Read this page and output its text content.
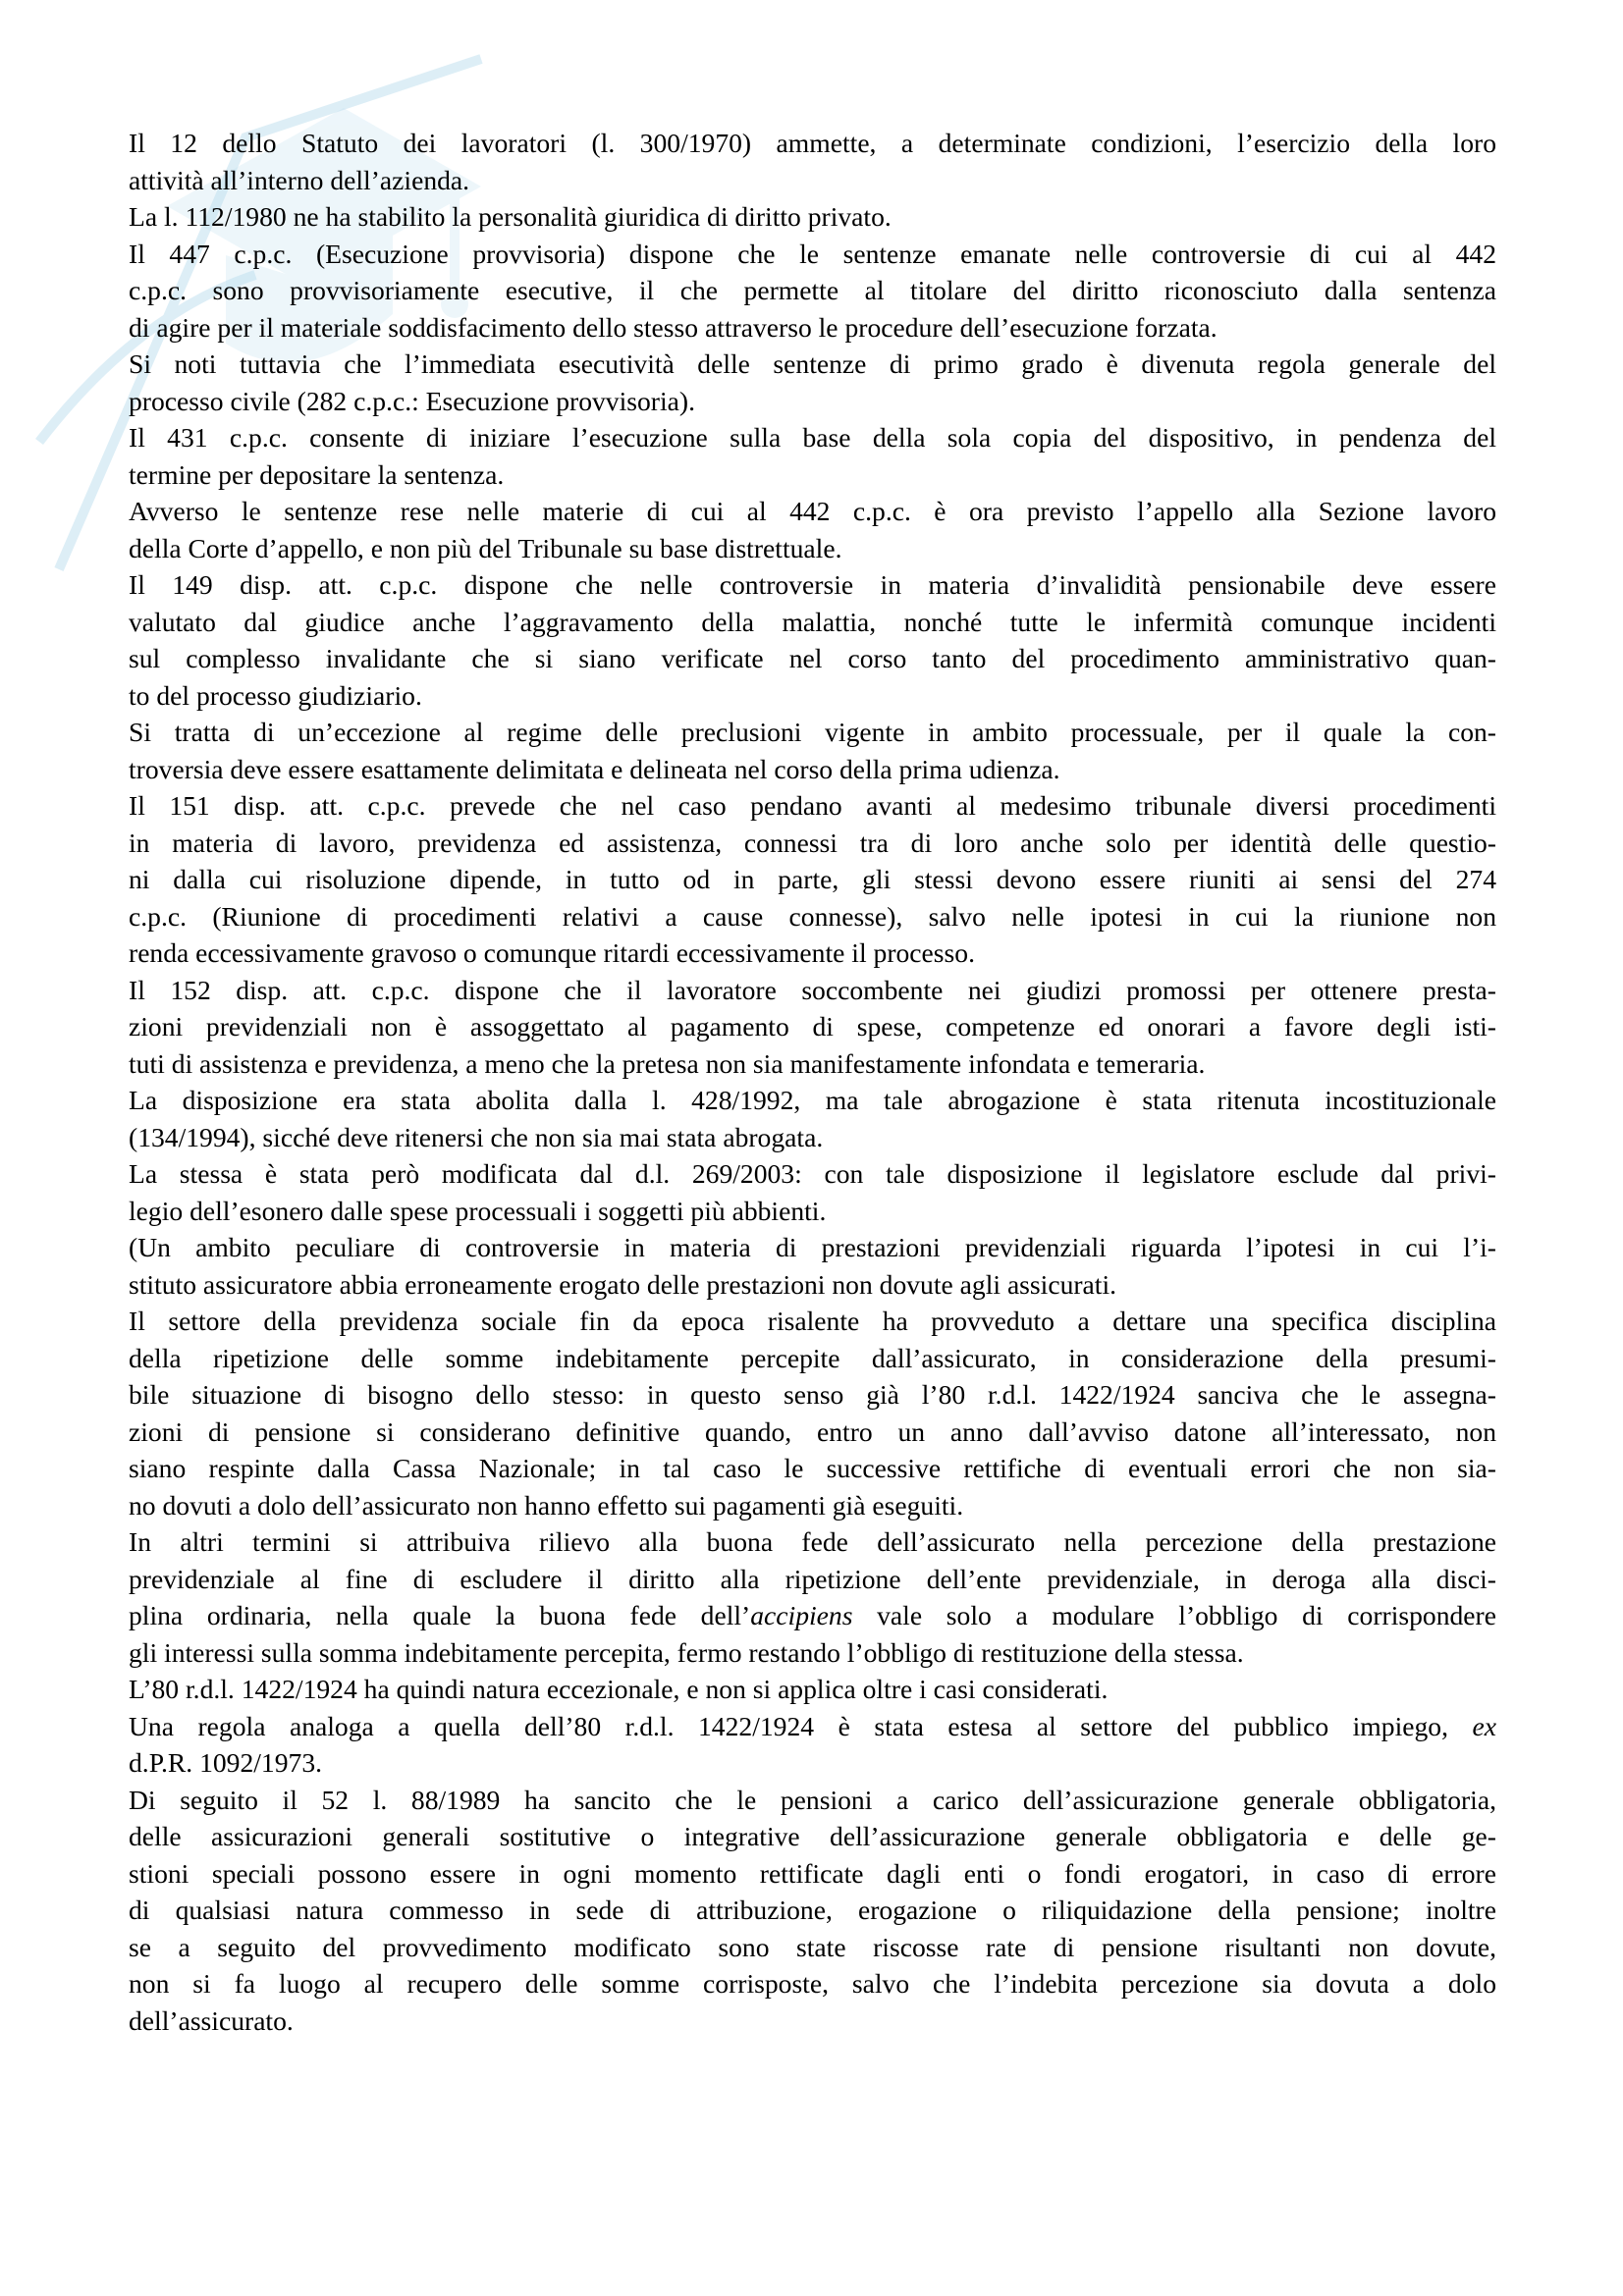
Il 12 dello Statuto dei lavoratori (l. 300/1970) ammette, a determinate condizioni, l’esercizio della loro
attività all’interno dell’azienda.

La l. 112/1980 ne ha stabilito la personalità giuridica di diritto privato.

Il 447 c.p.c. (Esecuzione provvisoria) dispone che le sentenze emanate nelle controversie di cui al 442
c.p.c. sono provvisoriamente esecutive, il che permette al titolare del diritto riconosciuto dalla sentenza
di agire per il materiale soddisfacimento dello stesso attraverso le procedure dell’esecuzione forzata.

Si noti tuttavia che l’immediata esecutività delle sentenze di primo grado è divenuta regola generale del
processo civile (282 c.p.c.: Esecuzione provvisoria).

Il 431 c.p.c. consente di iniziare l’esecuzione sulla base della sola copia del dispositivo, in pendenza del
termine per depositare la sentenza.

Avverso le sentenze rese nelle materie di cui al 442 c.p.c. è ora previsto l’appello alla Sezione lavoro
della Corte d’appello, e non più del Tribunale su base distrettuale.

Il 149 disp. att. c.p.c. dispone che nelle controversie in materia d’invalidità pensionabile deve essere
valutato dal giudice anche l’aggravamento della malattia, nonché tutte le infermità comunque incidenti
sul complesso invalidante che si siano verificate nel corso tanto del procedimento amministrativo quan-
to del processo giudiziario.

Si tratta di un’eccezione al regime delle preclusioni vigente in ambito processuale, per il quale la con-
troversia deve essere esattamente delimitata e delineata nel corso della prima udienza.

Il 151 disp. att. c.p.c. prevede che nel caso pendano avanti al medesimo tribunale diversi procedimenti
in materia di lavoro, previdenza ed assistenza, connessi tra di loro anche solo per identità delle questio-
ni dalla cui risoluzione dipende, in tutto od in parte, gli stessi devono essere riuniti ai sensi del 274
c.p.c. (Riunione di procedimenti relativi a cause connesse), salvo nelle ipotesi in cui la riunione non
renda eccessivamente gravoso o comunque ritardi eccessivamente il processo.

Il 152 disp. att. c.p.c. dispone che il lavoratore soccombente nei giudizi promossi per ottenere presta-
zioni previdenziali non è assoggettato al pagamento di spese, competenze ed onorari a favore degli isti-
tuti di assistenza e previdenza, a meno che la pretesa non sia manifestamente infondata e temeraria.

La disposizione era stata abolita dalla l. 428/1992, ma tale abrogazione è stata ritenuta incostituzionale
(134/1994), sicché deve ritenersi che non sia mai stata abrogata.

La stessa è stata però modificata dal d.l. 269/2003: con tale disposizione il legislatore esclude dal privi-
legio dell’esonero dalle spese processuali i soggetti più abbienti.

(Un ambito peculiare di controversie in materia di prestazioni previdenziali riguarda l’ipotesi in cui l’i-
stituto assicuratore abbia erroneamente erogato delle prestazioni non dovute agli assicurati.

Il settore della previdenza sociale fin da epoca risalente ha provveduto a dettare una specifica disciplina
della ripetizione delle somme indebitamente percepite dall’assicurato, in considerazione della presumi-
bile situazione di bisogno dello stesso: in questo senso già l’80 r.d.l. 1422/1924 sanciva che le assegna-
zioni di pensione si considerano definitive quando, entro un anno dall’avviso datone all’interessato, non
siano respinte dalla Cassa Nazionale; in tal caso le successive rettifiche di eventuali errori che non sia-
no dovuti a dolo dell’assicurato non hanno effetto sui pagamenti già eseguiti.

In altri termini si attribuiva rilievo alla buona fede dell’assicurato nella percezione della prestazione
previdenziale al fine di escludere il diritto alla ripetizione dell’ente previdenziale, in deroga alla disci-
plina ordinaria, nella quale la buona fede dell’accipiens vale solo a modulare l’obbligo di corrispondere
gli interessi sulla somma indebitamente percepita, fermo restando l’obbligo di restituzione della stessa.

L’80 r.d.l. 1422/1924 ha quindi natura eccezionale, e non si applica oltre i casi considerati.

Una regola analoga a quella dell’80 r.d.l. 1422/1924 è stata estesa al settore del pubblico impiego, ex
d.P.R. 1092/1973.

Di seguito il 52 l. 88/1989 ha sancito che le pensioni a carico dell’assicurazione generale obbligatoria,
delle assicurazioni generali sostitutive o integrative dell’assicurazione generale obbligatoria e delle ge-
stioni speciali possono essere in ogni momento rettificate dagli enti o fondi erogatori, in caso di errore
di qualsiasi natura commesso in sede di attribuzione, erogazione o riliquidazione della pensione; inoltre
se a seguito del provvedimento modificato sono state riscosse rate di pensione risultanti non dovute,
non si fa luogo al recupero delle somme corrisposte, salvo che l’indebita percezione sia dovuta a dolo
dell’assicurato.
